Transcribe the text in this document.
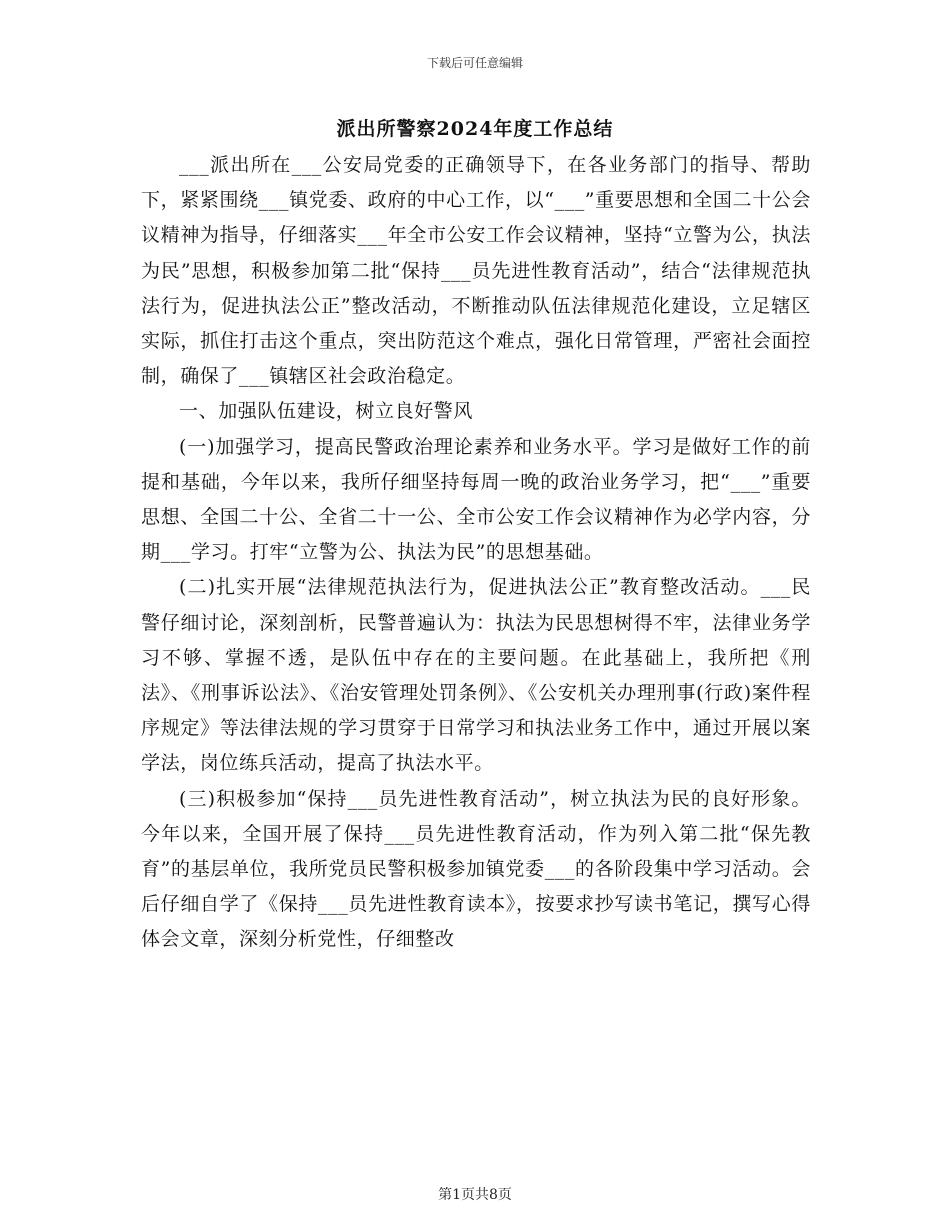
下载后可任意编辑
派出所警察2024年度工作总结

___派出所在___公安局党委的正确领导下，在各业务部门的指导、帮助下，紧紧围绕___镇党委、政府的中心工作，以“___”重要思想和全国二十公会议精神为指导，仔细落实___年全市公安工作会议精神，坚持“立警为公，执法为民”思想，积极参加第二批“保持___员先进性教育活动”，结合“法律规范执法行为，促进执法公正”整改活动，不断推动队伍法律规范化建设，立足辖区实际，抓住打击这个重点，突出防范这个难点，强化日常管理，严密社会面控制，确保了___镇辖区社会政治稳定。

一、加强队伍建设，树立良好警风

(一)加强学习，提高民警政治理论素养和业务水平。学习是做好工作的前提和基础，今年以来，我所仔细坚持每周一晚的政治业务学习，把“___”重要思想、全国二十公、全省二十一公、全市公安工作会议精神作为必学内容，分期___学习。打牢“立警为公、执法为民”的思想基础。

(二)扎实开展“法律规范执法行为，促进执法公正”教育整改活动。___民警仔细讨论，深刻剖析，民警普遍认为：执法为民思想树得不牢，法律业务学习不够、掌握不透，是队伍中存在的主要问题。在此基础上，我所把《刑法》、《刑事诉讼法》、《治安管理处罚条例》、《公安机关办理刑事(行政)案件程序规定》等法律法规的学习贯穿于日常学习和执法业务工作中，通过开展以案学法，岗位练兵活动，提高了执法水平。

(三)积极参加“保持___员先进性教育活动”，树立执法为民的良好形象。今年以来，全国开展了保持___员先进性教育活动，作为列入第二批“保先教育”的基层单位，我所党员民警积极参加镇党委___的各阶段集中学习活动。会后仔细自学了《保持___员先进性教育读本》，按要求抄写读书笔记，撰写心得体会文章，深刻分析党性，仔细整改

第1页共8页
